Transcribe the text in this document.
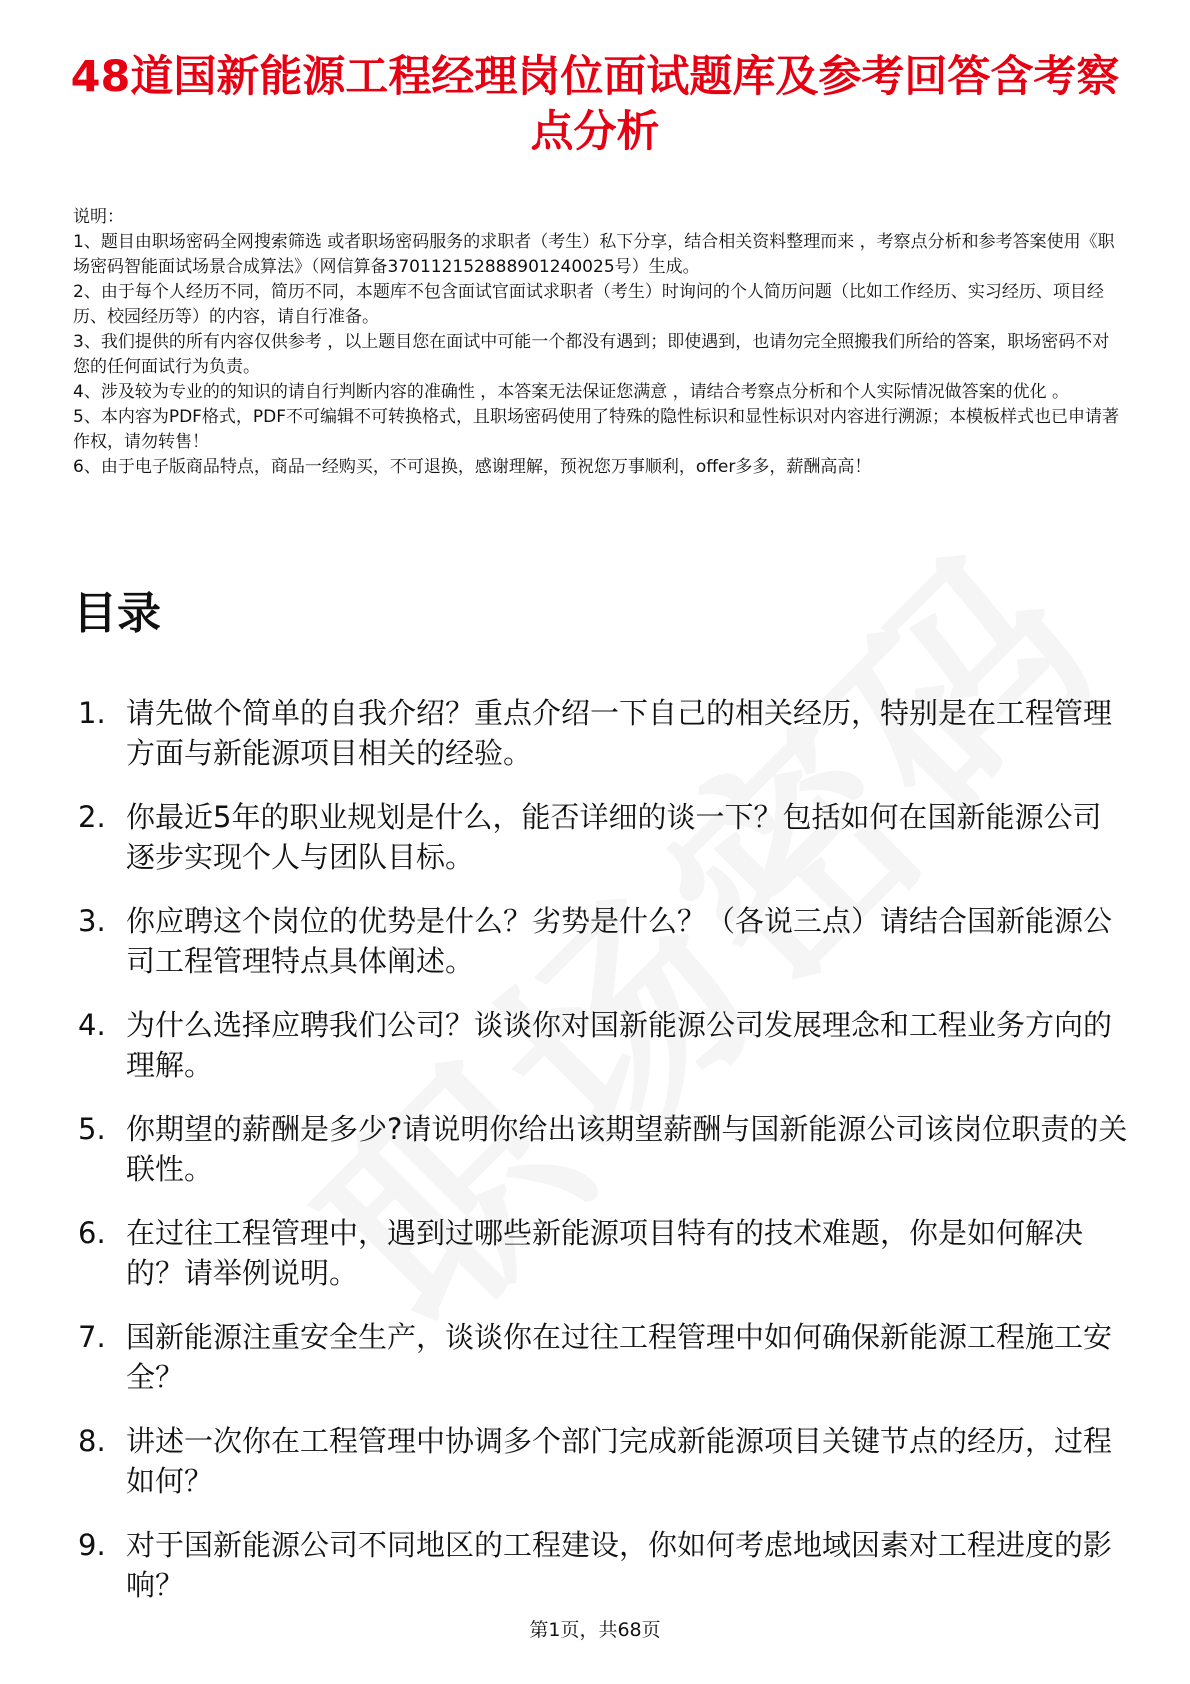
48道国新能源工程经理岗位面试题库及参考回答含考察点分析

说明：

1、题目由职场密码全网搜索筛选 或者职场密码服务的求职者（考生）私下分享，结合相关资料整理而来 ，考察点分析和参考答案使用《职场密码智能面试场景合成算法》（网信算备370112152888901240025号）生成。

2、由于每个人经历不同，简历不同，本题库不包含面试官面试求职者（考生）时询问的个人简历问题（比如工作经历、实习经历、项目经历、校园经历等）的内容，请自行准备。

3、我们提供的所有内容仅供参考 ，以上题目您在面试中可能一个都没有遇到；即使遇到，也请勿完全照搬我们所给的答案，职场密码不对您的任何面试行为负责。

4、涉及较为专业的的知识的请自行判断内容的准确性 ，本答案无法保证您满意 ，请结合考察点分析和个人实际情况做答案的优化 。

5、本内容为PDF格式，PDF不可编辑不可转换格式，且职场密码使用了特殊的隐性标识和显性标识对内容进行溯源；本模板样式也已申请著作权，请勿转售！

6、由于电子版商品特点，商品一经购买，不可退换，感谢理解，预祝您万事顺利，offer多多，薪酬高高！

目录
1. 请先做个简单的自我介绍？重点介绍一下自己的相关经历，特别是在工程管理方面与新能源项目相关的经验。
2. 你最近5年的职业规划是什么，能否详细的谈一下？包括如何在国新能源公司逐步实现个人与团队目标。
3. 你应聘这个岗位的优势是什么？劣势是什么？（各说三点）请结合国新能源公司工程管理特点具体阐述。
4. 为什么选择应聘我们公司？谈谈你对国新能源公司发展理念和工程业务方向的理解。
5. 你期望的薪酬是多少?请说明你给出该期望薪酬与国新能源公司该岗位职责的关联性。
6. 在过往工程管理中，遇到过哪些新能源项目特有的技术难题，你是如何解决的？请举例说明。
7. 国新能源注重安全生产，谈谈你在过往工程管理中如何确保新能源工程施工安全？
8. 讲述一次你在工程管理中协调多个部门完成新能源项目关键节点的经历，过程如何？
9. 对于国新能源公司不同地区的工程建设，你如何考虑地域因素对工程进度的影响？
第1页，共68页
